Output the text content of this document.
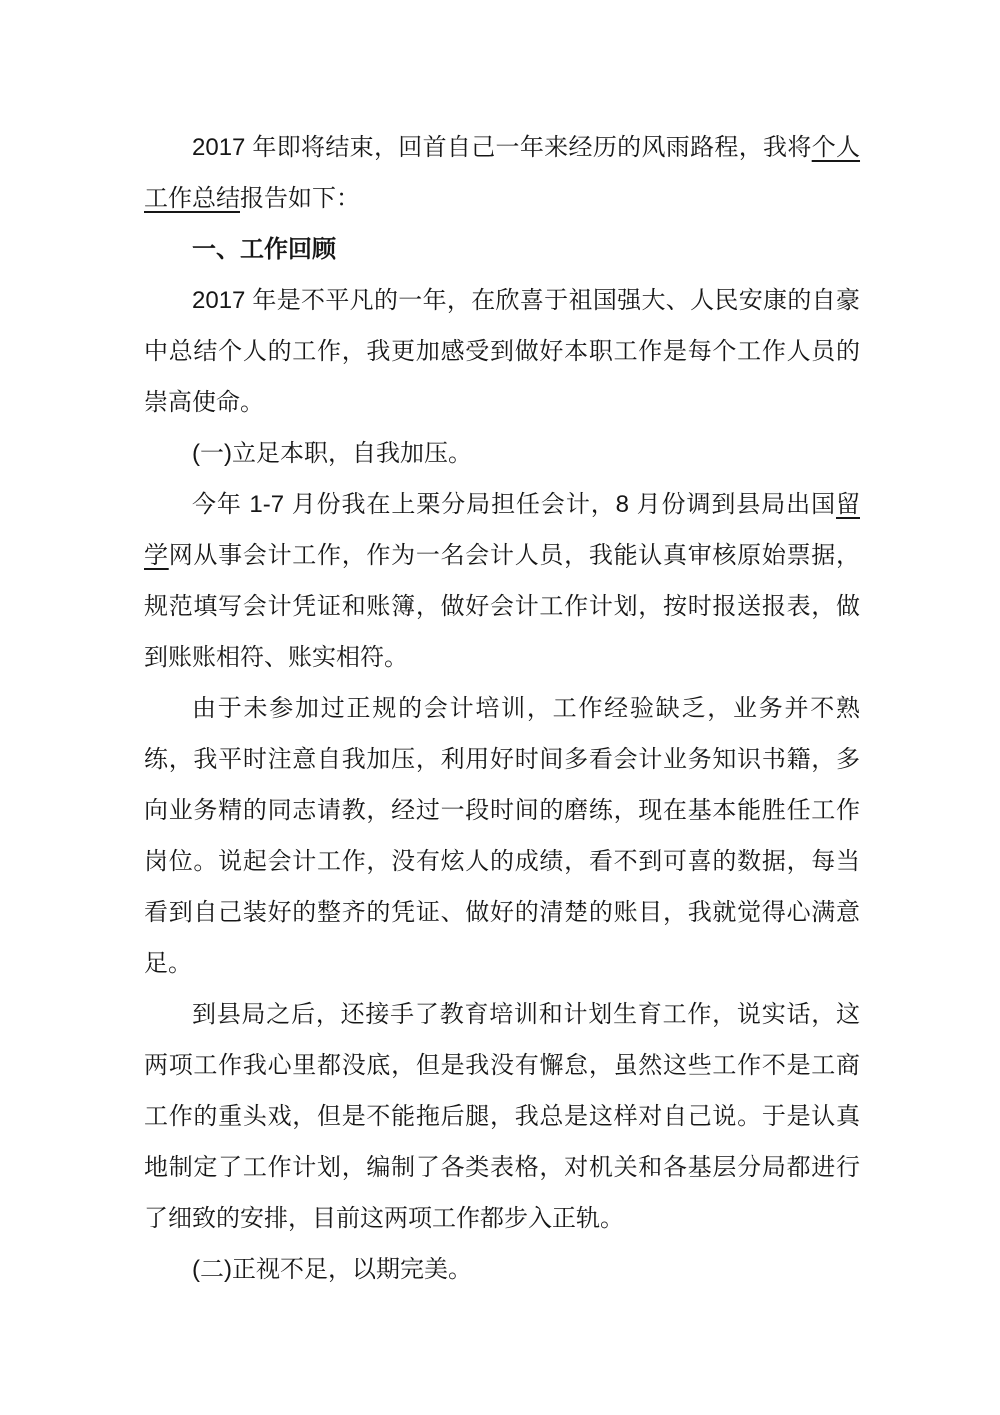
2017 年即将结束，回首自己一年来经历的风雨路程，我将个人工作总结报告如下：

一、工作回顾

2017 年是不平凡的一年，在欣喜于祖国强大、人民安康的自豪中总结个人的工作，我更加感受到做好本职工作是每个工作人员的崇高使命。

(一)立足本职，自我加压。

今年 1-7 月份我在上栗分局担任会计，8 月份调到县局出国留学网从事会计工作，作为一名会计人员，我能认真审核原始票据，规范填写会计凭证和账簿，做好会计工作计划，按时报送报表，做到账账相符、账实相符。

由于未参加过正规的会计培训，工作经验缺乏，业务并不熟练，我平时注意自我加压，利用好时间多看会计业务知识书籍，多向业务精的同志请教，经过一段时间的磨练，现在基本能胜任工作岗位。说起会计工作，没有炫人的成绩，看不到可喜的数据，每当看到自己装好的整齐的凭证、做好的清楚的账目，我就觉得心满意足。

到县局之后，还接手了教育培训和计划生育工作，说实话，这两项工作我心里都没底，但是我没有懈怠，虽然这些工作不是工商工作的重头戏，但是不能拖后腿，我总是这样对自己说。于是认真地制定了工作计划，编制了各类表格，对机关和各基层分局都进行了细致的安排，目前这两项工作都步入正轨。

(二)正视不足，以期完美。
